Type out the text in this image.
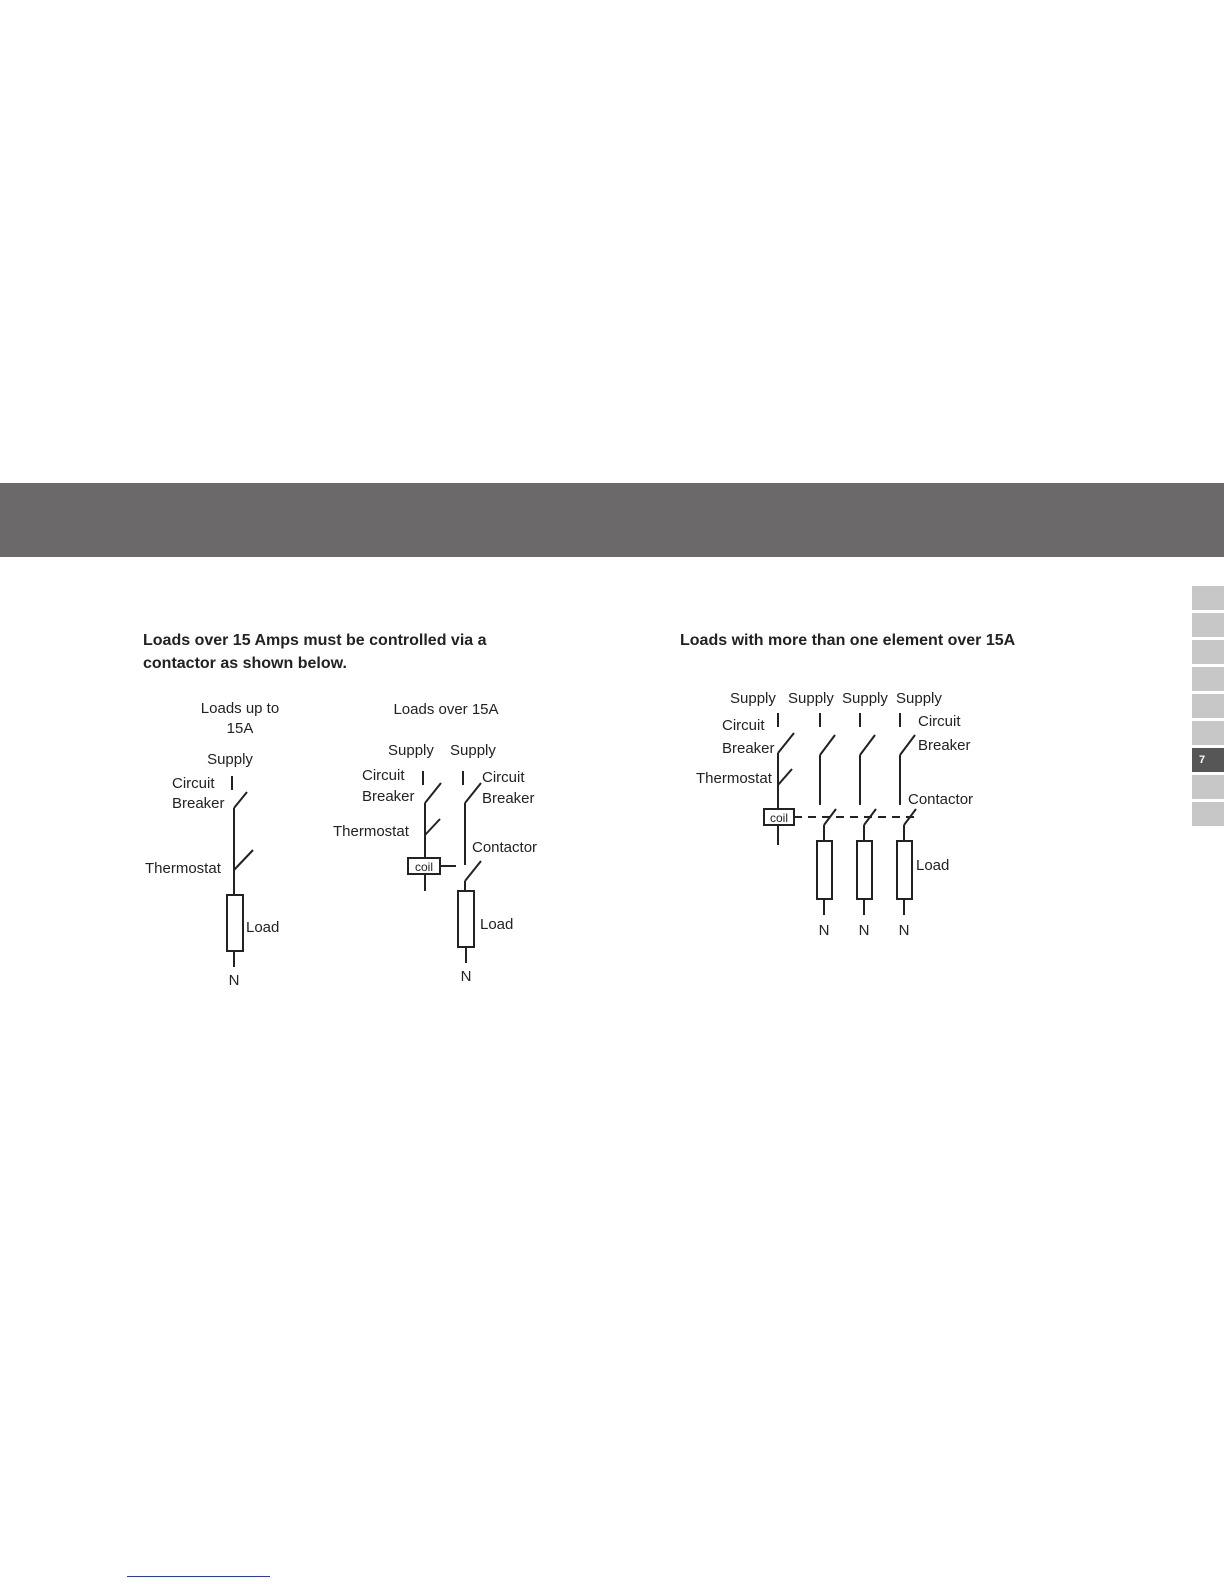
7

Loads over 15 Amps must be controlled via a contactor as shown below.

Loads with more than one element over 15A

Loads up to
15A
Supply
Circuit
Breaker
Thermostat
Load
N
Loads over 15A
Supply Supply
Circuit
Breaker
Circuit
Breaker
Thermostat
coil
Contactor
Load
N
Supply Supply Supply Supply
Circuit
Breaker
Circuit
Breaker
Thermostat
Contactor
coil
Load
N N N
